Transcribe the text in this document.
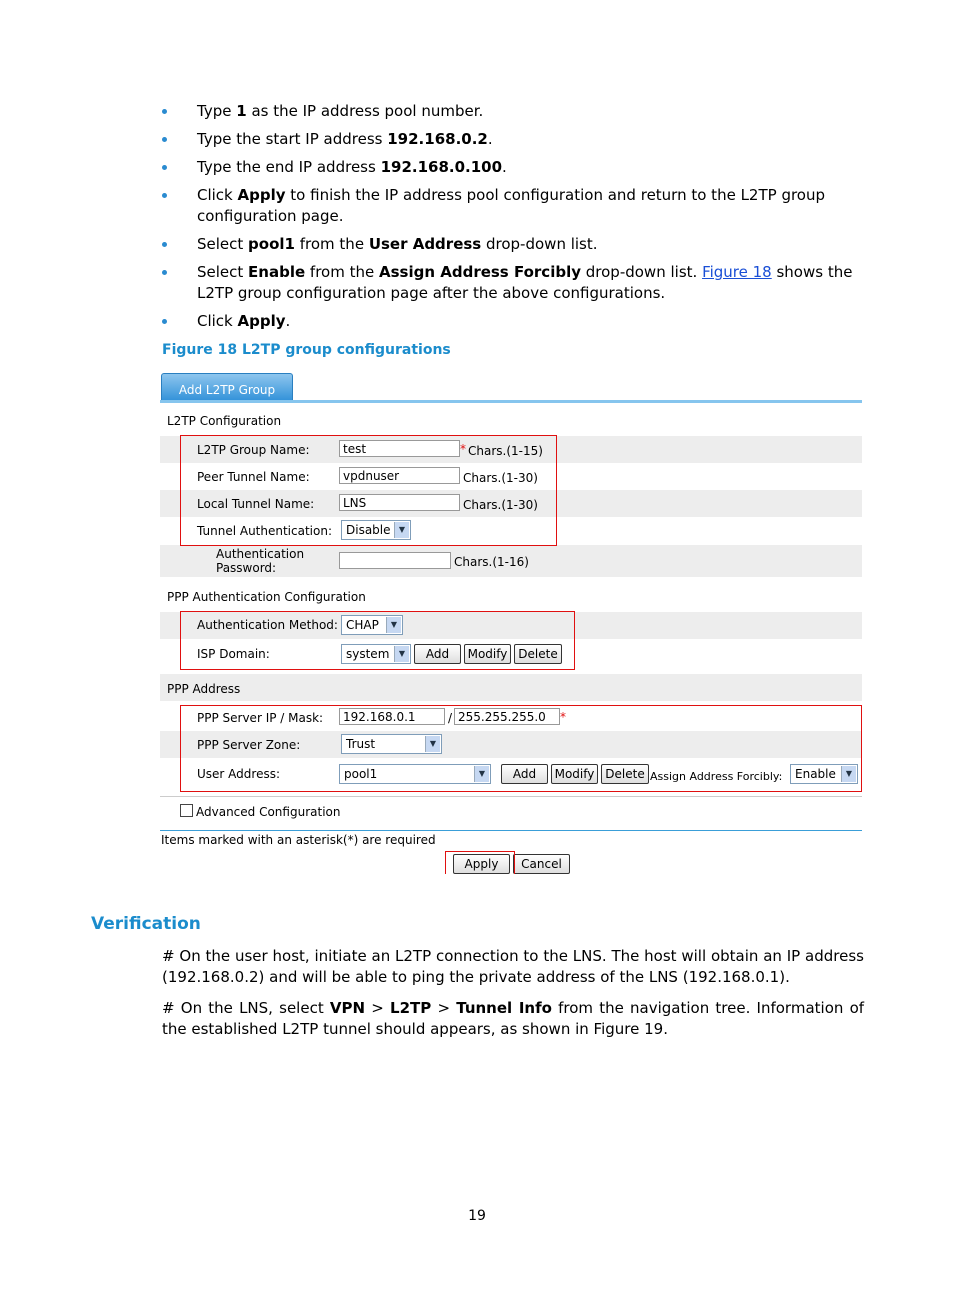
Type 1 as the IP address pool number.
Type the start IP address 192.168.0.2.
Type the end IP address 192.168.0.100.
Click Apply to finish the IP address pool configuration and return to the L2TP group configuration page.
Select pool1 from the User Address drop-down list.
Select Enable from the Assign Address Forcibly drop-down list. Figure 18 shows the L2TP group configuration page after the above configurations.
Click Apply.
Figure 18 L2TP group configurations
Add L2TP Group
L2TP Configuration
L2TP Group Name:	test	* Chars.(1-15)
Peer Tunnel Name:	vpdnuser	Chars.(1-30)
Local Tunnel Name:	LNS	Chars.(1-30)
Tunnel Authentication:	Disable	▼
Authentication Password:	Chars.(1-16)
PPP Authentication Configuration
Authentication Method: CHAP	▼
ISP Domain:	system	▼	Add	Modify Delete
PPP Address
PPP Server IP / Mask:	192.168.0.1	/ 255.255.255.0	*
PPP Server Zone:	Trust	▼
User Address:	pool1	▼	Add	Modify Delete Assign Address Forcibly:	Enable	▼
Advanced Configuration
Items marked with an asterisk(*) are required
Apply	Cancel
Verification
# On the user host, initiate an L2TP connection to the LNS. The host will obtain an IP address (192.168.0.2) and will be able to ping the private address of the LNS (192.168.0.1).
# On the LNS, select VPN > L2TP > Tunnel Info from the navigation tree. Information of the established L2TP tunnel should appears, as shown in Figure 19.
19
